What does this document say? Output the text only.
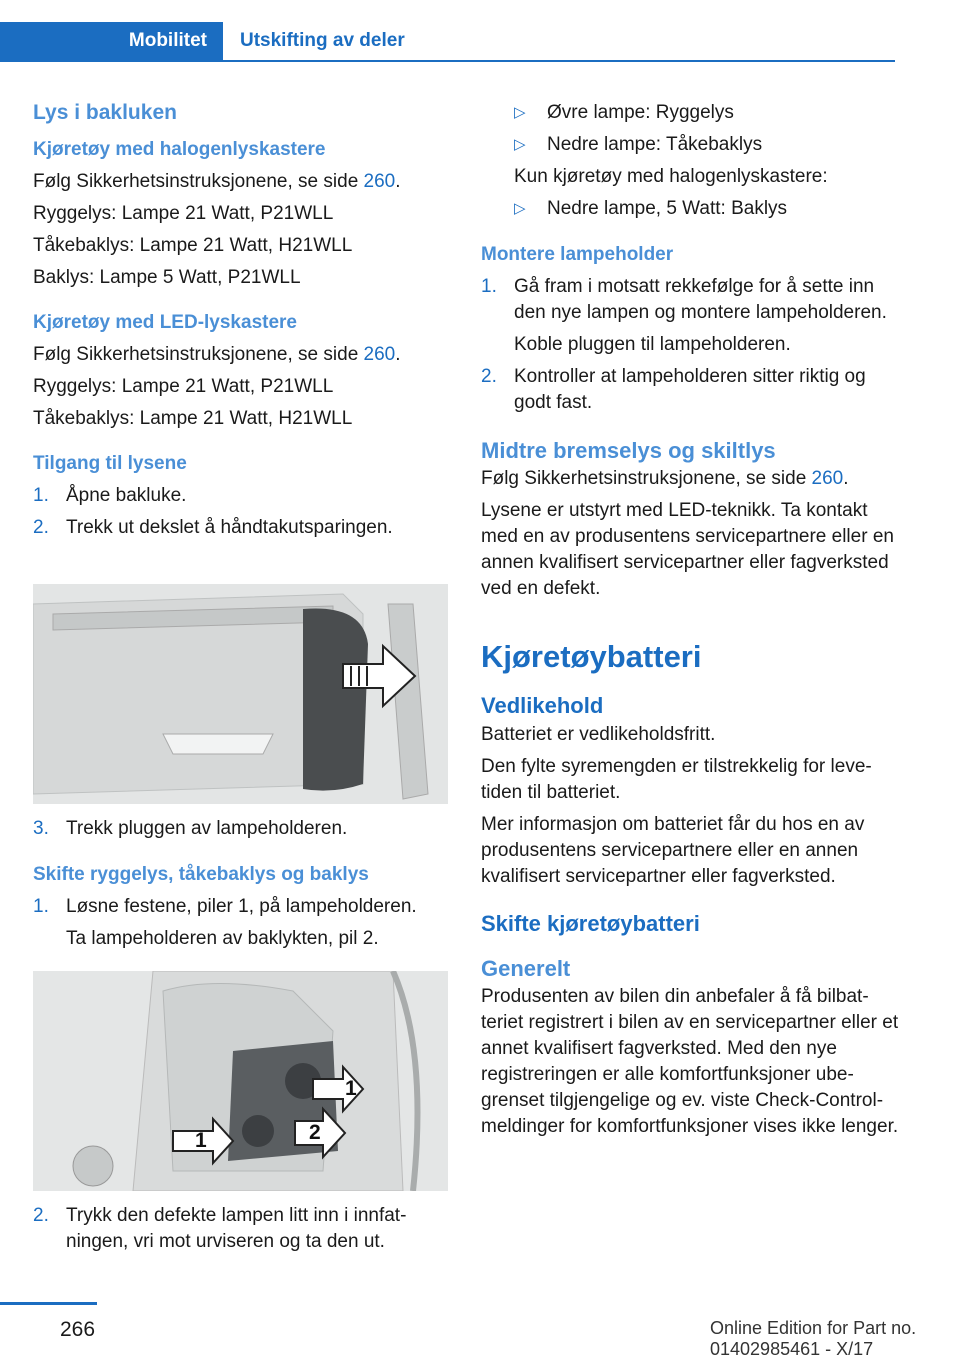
Mobilitet Utskifting av deler
Lys i bakluken
Kjøretøy med halogenlyskastere

Følg Sikkerhetsinstruksjonene, se side 260.

Ryggelys: Lampe 21 Watt, P21WLL

Tåkebaklys: Lampe 21 Watt, H21WLL

Baklys: Lampe 5 Watt, P21WLL

Kjøretøy med LED-lyskastere

Følg Sikkerhetsinstruksjonene, se side 260.

Ryggelys: Lampe 21 Watt, P21WLL

Tåkebaklys: Lampe 21 Watt, H21WLL

Tilgang til lysene
1. Åpne bakluke.
2. Trekk ut dekslet å håndtakutsparingen.
3. Trekk pluggen av lampeholderen.
Skifte ryggelys, tåkebaklys og baklys
1. Løsne festene, piler 1, på lampeholderen.
Ta lampeholderen av baklykten, pil 2.
1
1	2
2. Trykk den defekte lampen litt inn i innfatningen, vri mot urviseren og ta den ut.
▷ Øvre lampe: Ryggelys
▷ Nedre lampe: Tåkebaklys

Kun kjøretøy med halogenlyskastere:

▷ Nedre lampe, 5 Watt: Baklys
Montere lampeholder
1. Gå fram i motsatt rekkefølge for å sette inn den nye lampen og montere lampeholderen.
Koble pluggen til lampeholderen.
2. Kontroller at lampeholderen sitter riktig og godt fast.
Midtre bremselys og skiltlys

Følg Sikkerhetsinstruksjonene, se side 260.

Lysene er utstyrt med LED-teknikk. Ta kontakt med en av produsentens servicepartnere eller en annen kvalifisert servicepartner eller fagverksted ved en defekt.

Kjøretøybatteri
Vedlikehold

Batteriet er vedlikeholdsfritt.

Den fylte syremengden er tilstrekkelig for levetiden til batteriet.

Mer informasjon om batteriet får du hos en av produsentens servicepartnere eller en annen kvalifisert servicepartner eller fagverksted.

Skifte kjøretøybatteri
Generelt

Produsenten av bilen din anbefaler å få bilbatteriet registrert i bilen av en servicepartner eller et annet kvalifisert fagverksted. Med den nye registreringen er alle komfortfunksjoner ubegrenset tilgjengelige og ev. viste Check-Control-meldinger for komfortfunksjoner vises ikke lenger.

266	Online Edition for Part no. 01402985461 - X/17
